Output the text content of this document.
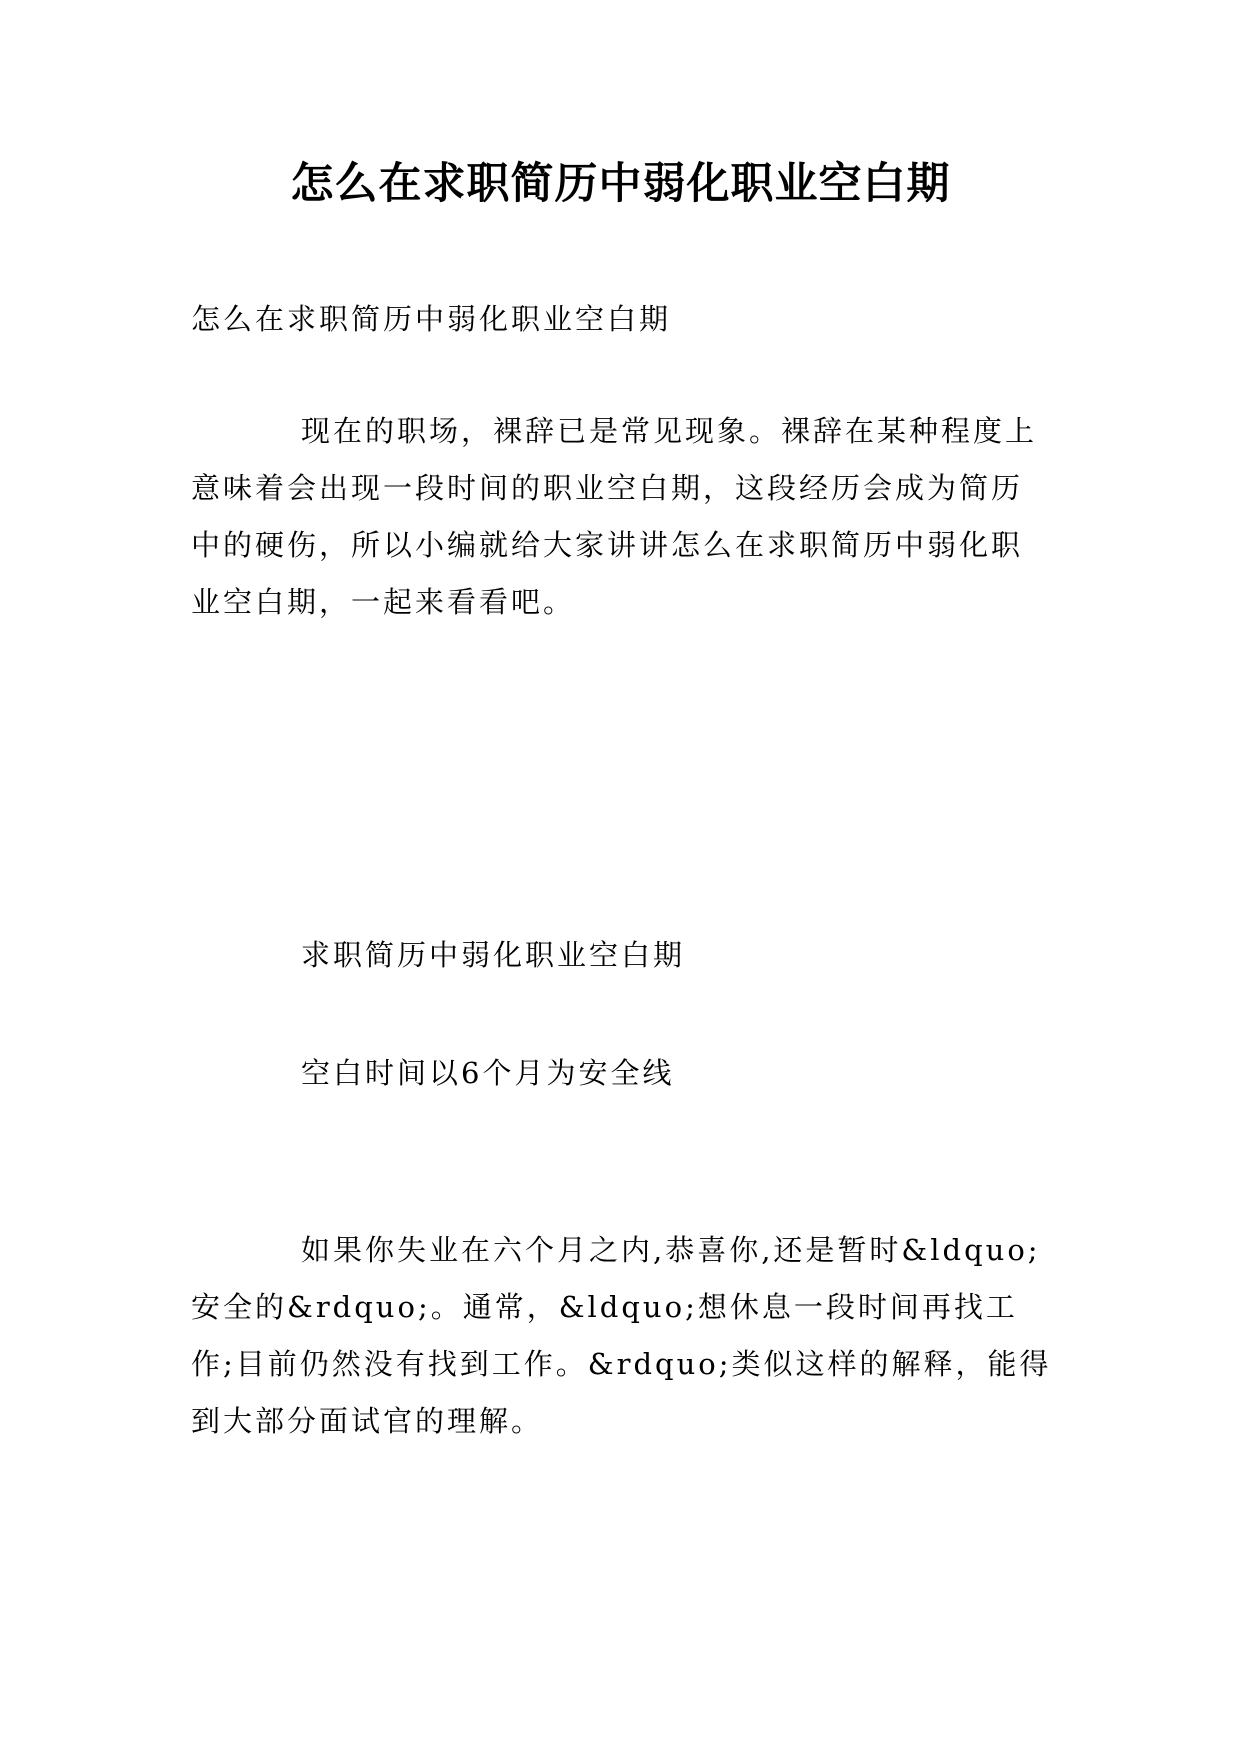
怎么在求职简历中弱化职业空白期

怎么在求职简历中弱化职业空白期

现在的职场，裸辞已是常见现象。裸辞在某种程度上意味着会出现一段时间的职业空白期，这段经历会成为简历中的硬伤，所以小编就给大家讲讲怎么在求职简历中弱化职业空白期，一起来看看吧。

求职简历中弱化职业空白期

空白时间以6个月为安全线

如果你失业在六个月之内,恭喜你,还是暂时&ldquo;安全的&rdquo;。通常，&ldquo;想休息一段时间再找工作;目前仍然没有找到工作。&rdquo;类似这样的解释，能得到大部分面试官的理解。
